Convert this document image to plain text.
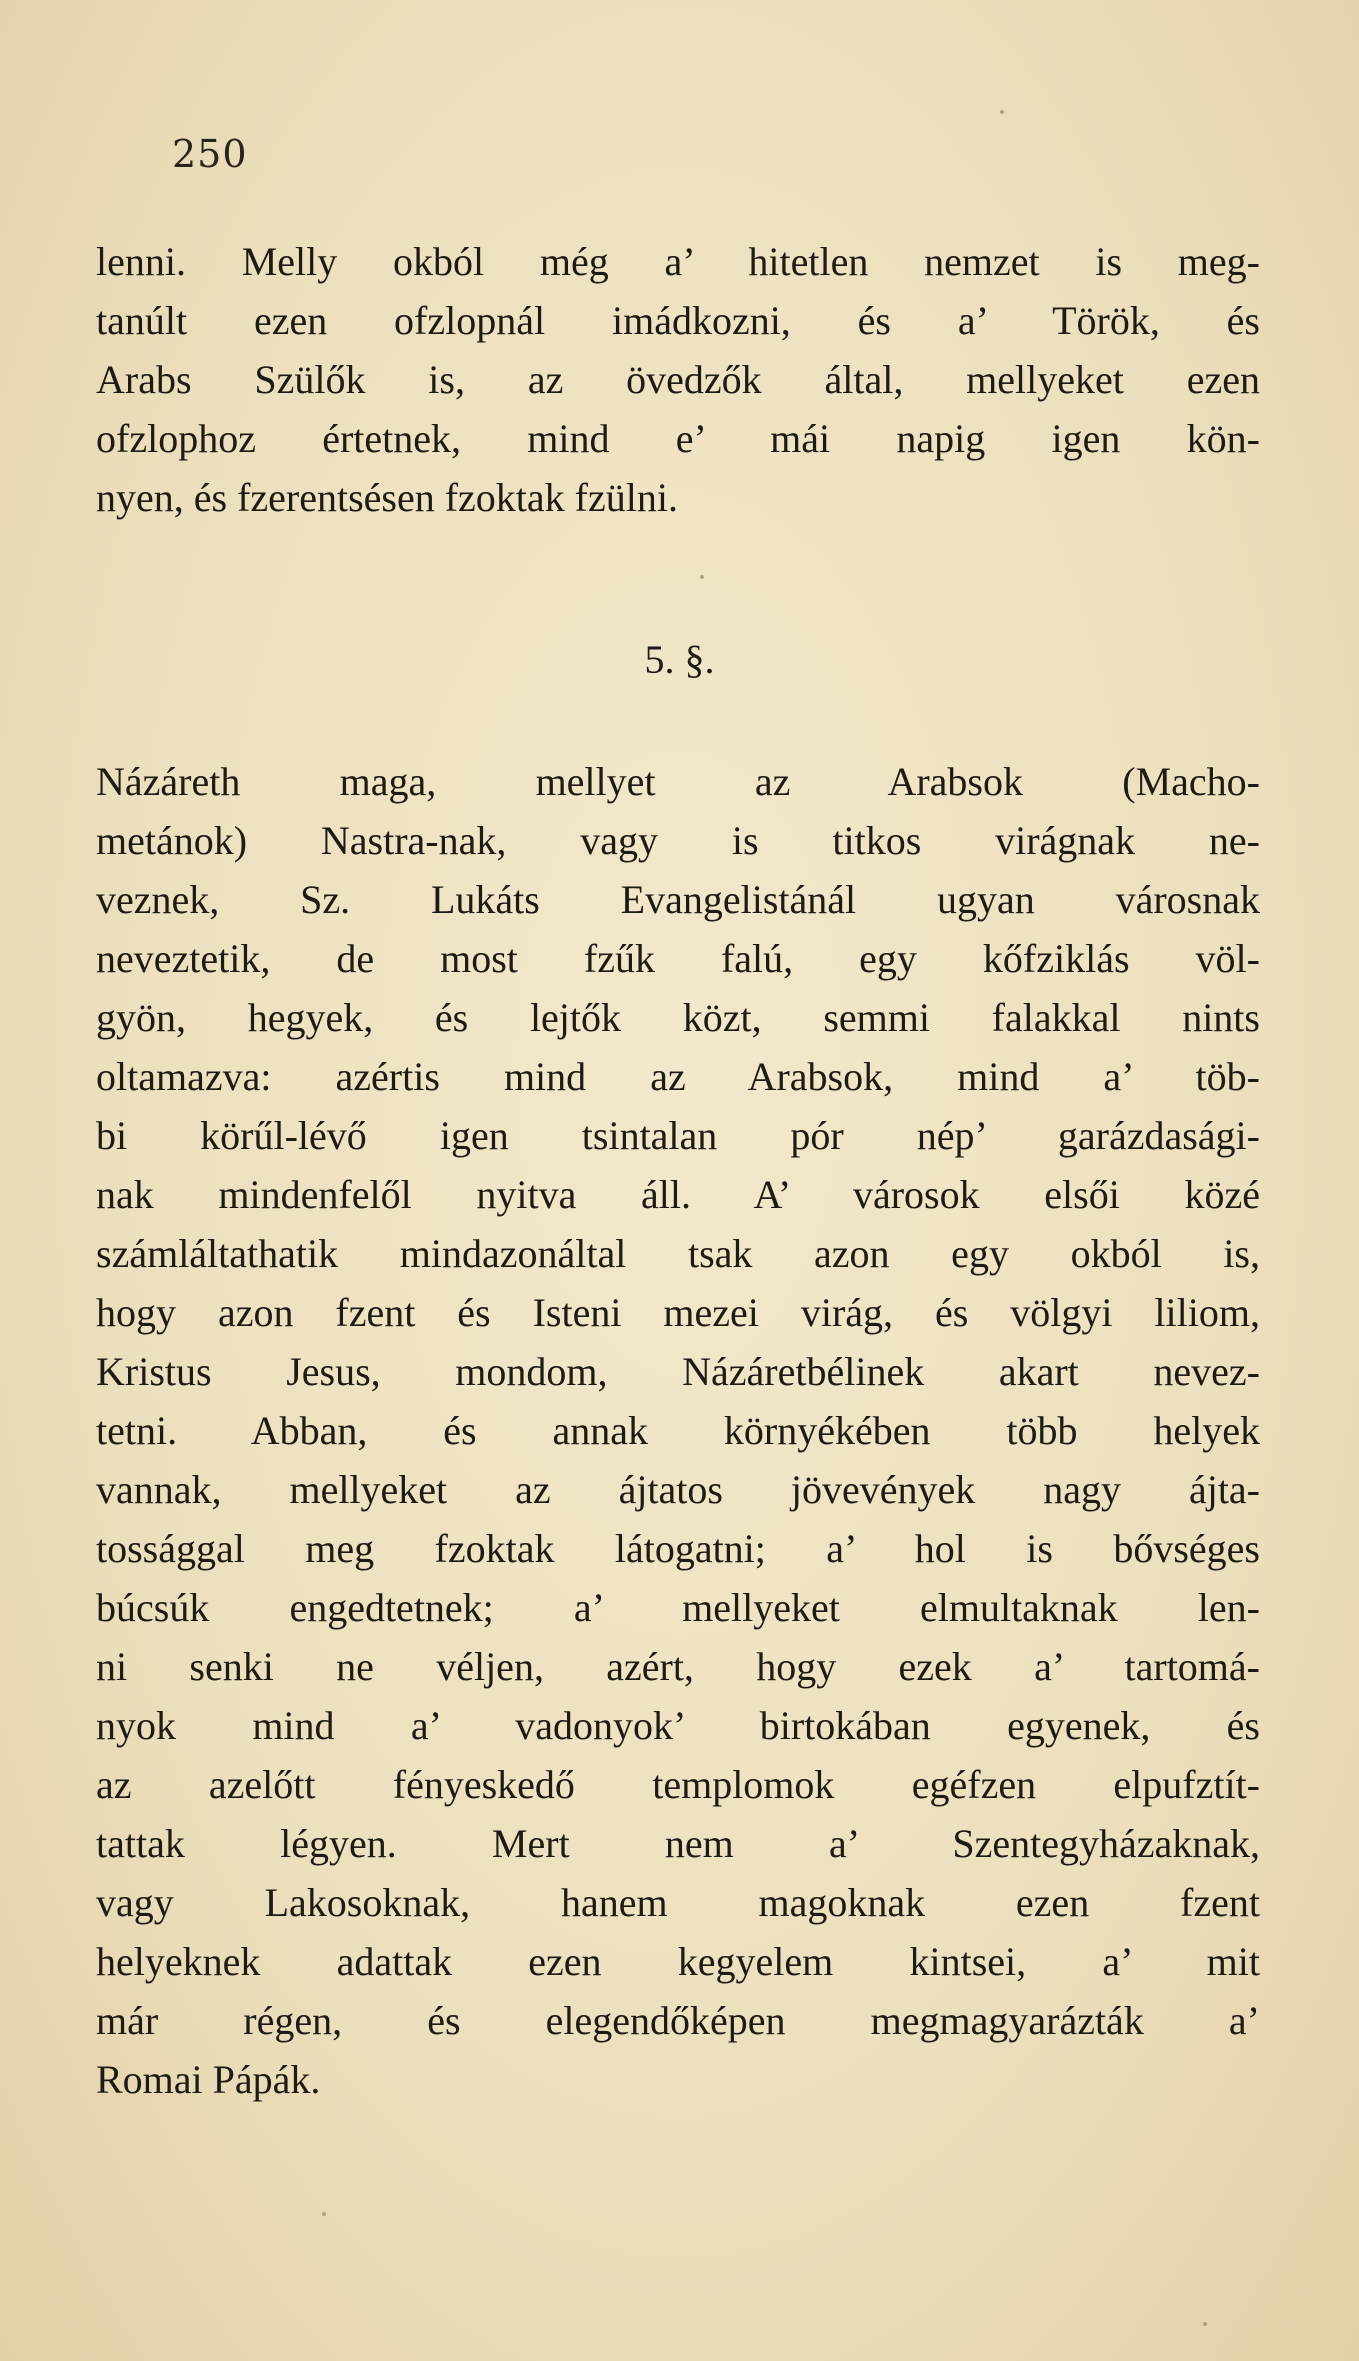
250
lenni. Melly okból még a’ hitetlen nemzet is meg-
tanúlt ezen ofzlopnál imádkozni, és a’ Török, és
Arabs Szülők is, az övedzők által, mellyeket ezen
ofzlophoz értetnek, mind e’ mái napig igen kön-
nyen, és fzerentsésen fzoktak fzülni.
5. §.
Názáreth maga, mellyet az Arabsok (Macho-
metánok) Nastra-nak, vagy is titkos virágnak ne-
veznek, Sz. Lukáts Evangelistánál ugyan városnak
neveztetik, de most fzűk falú, egy kőfziklás völ-
gyön, hegyek, és lejtők közt, semmi falakkal nints
oltamazva: azértis mind az Arabsok, mind a’ töb-
bi körűl-lévő igen tsintalan pór nép’ garázdasági-
nak mindenfelől nyitva áll. A’ városok elsői közé
számláltathatik mindazonáltal tsak azon egy okból is,
hogy azon fzent és Isteni mezei virág, és völgyi liliom,
Kristus Jesus, mondom, Názáretbélinek akart nevez-
tetni. Abban, és annak környékében több helyek
vannak, mellyeket az ájtatos jövevények nagy ájta-
tossággal meg fzoktak látogatni; a’ hol is bővséges
búcsúk engedtetnek; a’ mellyeket elmultaknak len-
ni senki ne véljen, azért, hogy ezek a’ tartomá-
nyok mind a’ vadonyok’ birtokában egyenek, és
az azelőtt fényeskedő templomok egéfzen elpufztít-
tattak légyen. Mert nem a’ Szentegyházaknak,
vagy Lakosoknak, hanem magoknak ezen fzent
helyeknek adattak ezen kegyelem kintsei, a’ mit
már régen, és elegendőképen megmagyarázták a’
Romai Pápák.
